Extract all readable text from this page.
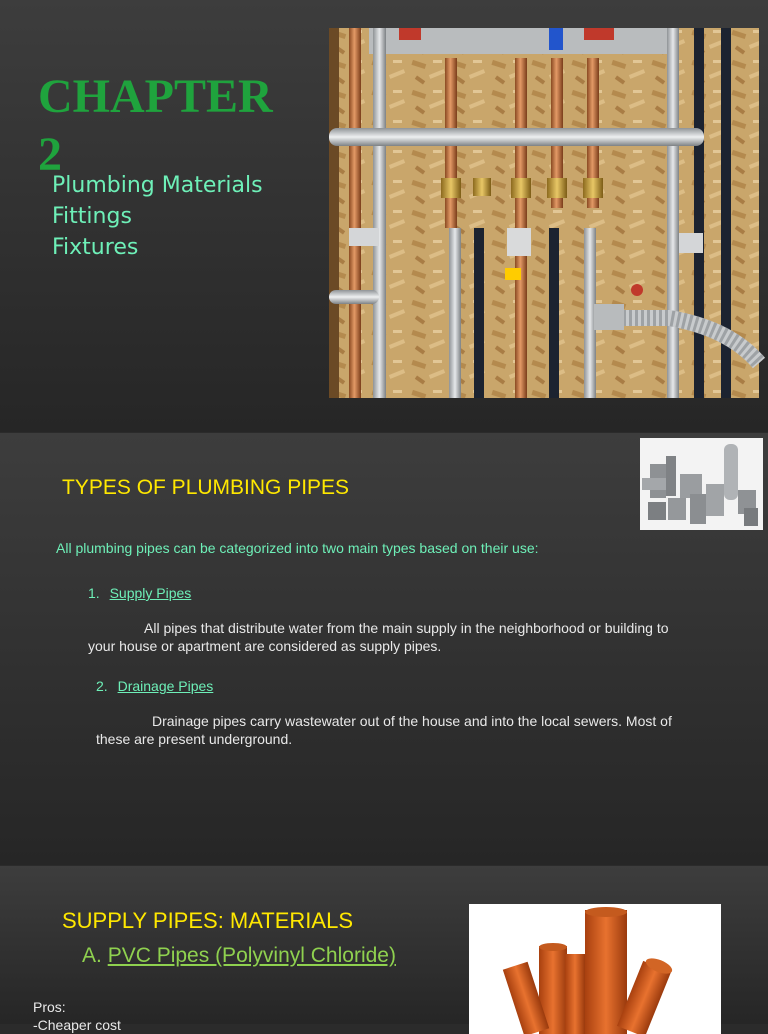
CHAPTER 2
Plumbing Materials
Fittings
Fixtures
TYPES OF PLUMBING PIPES
All plumbing pipes can be categorized into two main types based on their use:
1. Supply Pipes
All pipes that distribute water from the main supply in the neighborhood or building to your house or apartment are considered as supply pipes.
2. Drainage Pipes
Drainage pipes carry wastewater out of the house and into the local sewers. Most of these are present underground.
SUPPLY PIPES: MATERIALS
A. PVC Pipes (Polyvinyl Chloride)
Pros:
-Cheaper cost
